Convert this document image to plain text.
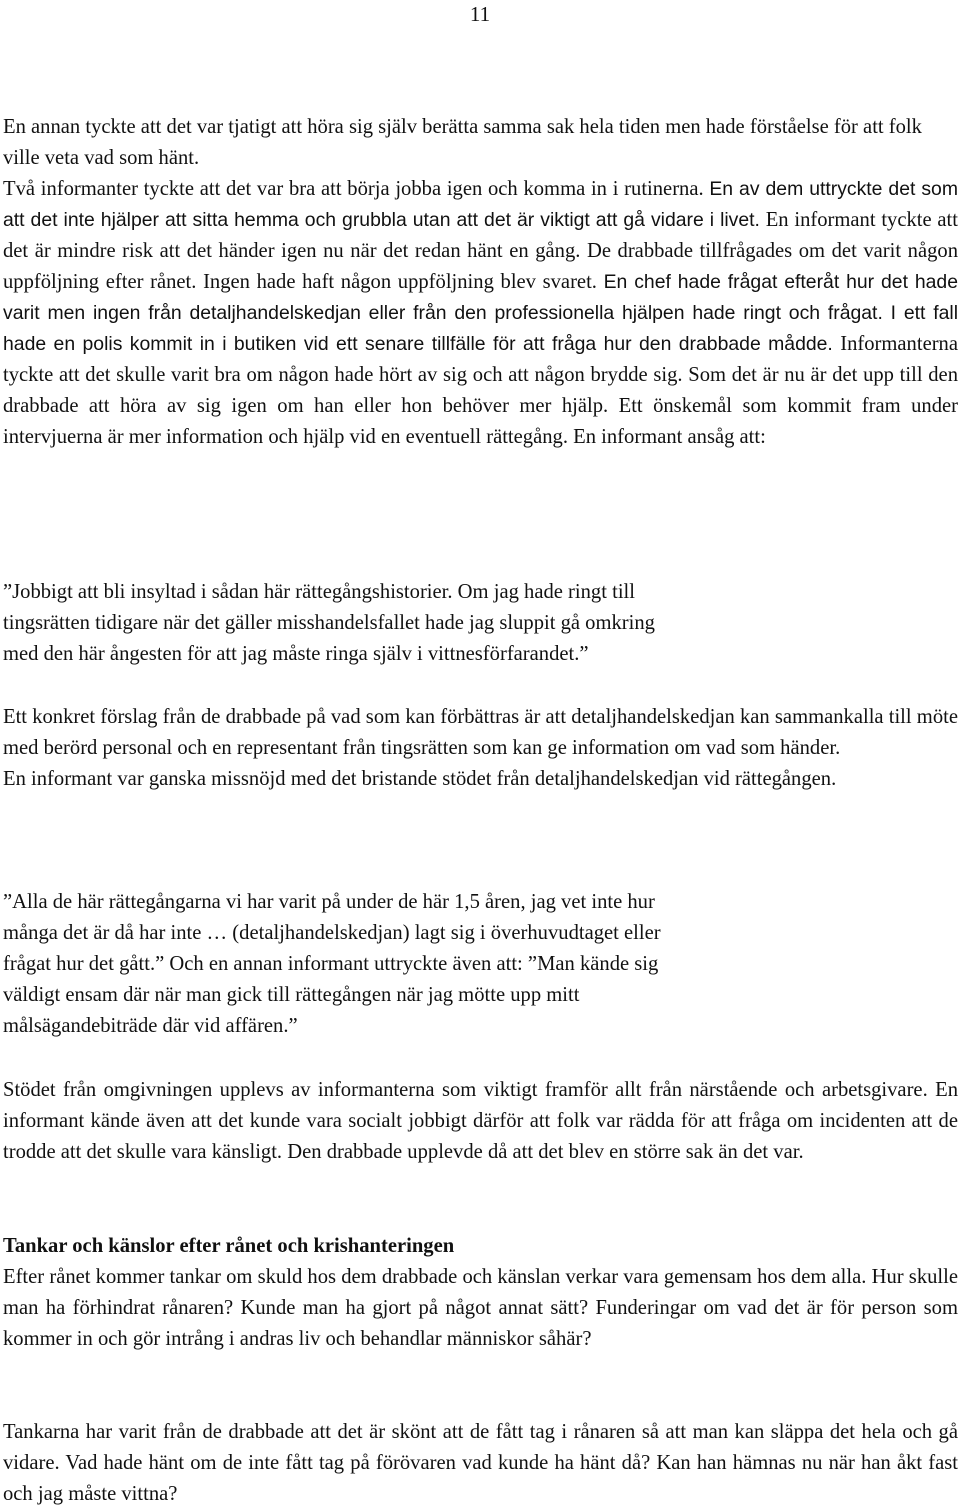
11

En annan tyckte att det var tjatigt att höra sig själv berätta samma sak hela tiden men hade förståelse för att folk ville veta vad som hänt.

Två informanter tyckte att det var bra att börja jobba igen och komma in i rutinerna. En av dem uttryckte det som att det inte hjälper att sitta hemma och grubbla utan att det är viktigt att gå vidare i livet. En informant tyckte att det är mindre risk att det händer igen nu när det redan hänt en gång. De drabbade tillfrågades om det varit någon uppföljning efter rånet. Ingen hade haft någon uppföljning blev svaret. En chef hade frågat efteråt hur det hade varit men ingen från detaljhandelskedjan eller från den professionella hjälpen hade ringt och frågat. I ett fall hade en polis kommit in i butiken vid ett senare tillfälle för att fråga hur den drabbade mådde. Informanterna tyckte att det skulle varit bra om någon hade hört av sig och att någon brydde sig. Som det är nu är det upp till den drabbade att höra av sig igen om han eller hon behöver mer hjälp. Ett önskemål som kommit fram under intervjuerna är mer information och hjälp vid en eventuell rättegång. En informant ansåg att:

”Jobbigt att bli insyltad i sådan här rättegångshistorier. Om jag hade ringt till

tingsrätten tidigare när det gäller misshandelsfallet hade jag sluppit gå omkring

med den här ångesten för att jag måste ringa själv i vittnesförfarandet.”

Ett konkret förslag från de drabbade på vad som kan förbättras är att detaljhandelskedjan kan sammankalla till möte med berörd personal och en representant från tingsrätten som kan ge information om vad som händer.

En informant var ganska missnöjd med det bristande stödet från detaljhandelskedjan vid rättegången.

”Alla de här rättegångarna vi har varit på under de här 1,5 åren, jag vet inte hur

många det är då har inte … (detaljhandelskedjan) lagt sig i överhuvudtaget eller

frågat hur det gått.” Och en annan informant uttryckte även att: ”Man kände sig

väldigt ensam där när man gick till rättegången när jag mötte upp mitt

målsägandebiträde där vid affären.”

Stödet från omgivningen upplevs av informanterna som viktigt framför allt från närstående och arbetsgivare. En informant kände även att det kunde vara socialt jobbigt därför att folk var rädda för att fråga om incidenten att de trodde att det skulle vara känsligt. Den drabbade upplevde då att det blev en större sak än det var.

Tankar och känslor efter rånet och krishanteringen

Efter rånet kommer tankar om skuld hos dem drabbade och känslan verkar vara gemensam hos dem alla. Hur skulle man ha förhindrat rånaren? Kunde man ha gjort på något annat sätt? Funderingar om vad det är för person som kommer in och gör intrång i andras liv och behandlar människor såhär?

Tankarna har varit från de drabbade att det är skönt att de fått tag i rånaren så att man kan släppa det hela och gå vidare. Vad hade hänt om de inte fått tag på förövaren vad kunde ha hänt då? Kan han hämnas nu när han åkt fast och jag måste vittna?
